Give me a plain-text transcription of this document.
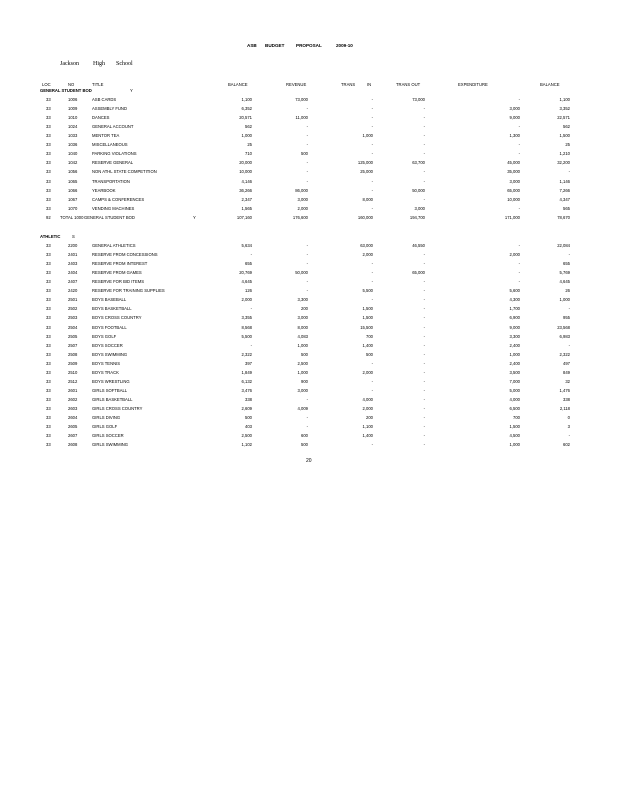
ASB BUDGET	PROPOSAL	2009-10
Jackson High School
LOC	NO	TITLE	BALANCE	REVENUE	TRANS	IN	TRANS OUT	EXPENDITURE	BALANCE
GENERAL STUDENT BOD	Y
33	1006	ASB CARDS	1,100	73,000	-	73,000	-	1,100
33	1009	ASSEMBLY FUND	6,352	-	-	-	3,000	3,352
33	1010	DANCES	20,571	11,000	-	-	9,000	22,571
33	1024	GENERAL ACCOUNT	562	-	-	-	-	562
33	1033	MENTOR TEA	1,000	-	1,000	-	1,300	1,500
33	1036	MISCELLANEOUS	25	-	-	-	-	25
33	1040	PARKING VIOLATIONS	710	500	-	-	-	1,210
33	1042	RESERVE GENERAL	20,000	-	125,000	63,700	45,000	32,200
33	1056	NON ATHL STATE COMPETITION	10,000	-	25,000	-	35,000	-
33	1065	TRANSPORTATION	4,146	-	-	-	3,000	1,146
33	1066	YEARBOOK	36,266	86,000	-	50,000	65,000	7,266
33	1067	CAMPS & CONFERENCES	2,347	3,000	8,000	-	10,000	4,347
33	1070	VENDING MACHINES	1,565	2,000	-	3,000	-	565
92 TOTAL 1000 GENERAL STUDENT BOD	Y	107,160	176,600	160,000	194,700	171,000	78,670
ATHLETIC	S
33	2200	GENERAL ATHLETICS	5,634	-	63,000	46,550	-	22,084
33	2401	RESERVE FROM CONCESSIONS	-	-	2,000	-	2,000	-
33	2403	RESERVE FROM INTEREST	655	-	-	-	-	655
33	2404	RESERVE FROM GAMES	20,769	50,000	-	65,000	-	5,769
33	2407	RESERVE FOR BID ITEMS	4,645	-	-	-	-	4,645
33	2420	RESERVE FOR TRAINING SUPPLIES	126	-	5,500	-	5,600	26
33	2501	BOYS BASEBALL	2,000	3,300	-	-	4,300	1,000
33	2502	BOYS BASKETBALL	-	200	1,500	-	1,700	-
33	2503	BOYS CROSS COUNTRY	3,355	3,000	1,500	-	6,900	955
33	2504	BOYS FOOTBALL	8,568	8,000	15,500	-	9,000	23,568
33	2505	BOYS GOLF	5,500	4,083	700	-	3,300	6,983
33	2507	BOYS SOCCER	-	1,000	1,400	-	2,400	-
33	2508	BOYS SWIMMING	2,322	500	500	-	1,000	2,322
33	2509	BOYS TENNIS	397	2,500	-	-	2,400	497
33	2510	BOYS TRACK	1,849	1,000	2,000	-	3,500	849
33	2512	BOYS WRESTLING	6,132	900	-	-	7,000	32
33	2601	GIRLS SOFTBALL	3,476	3,000	-	-	5,000	1,476
33	2602	GIRLS BASKETBALL	338	-	4,000	-	4,000	338
33	2603	GIRLS CROSS COUNTRY	2,609	4,009	2,000	-	6,500	2,118
33	2604	GIRLS DIVING	500	-	200	-	700	0
33	2605	GIRLS GOLF	403	-	1,100	-	1,500	3
33	2607	GIRLS SOCCER	2,500	600	1,400	-	4,500	-
33	2608	GIRLS SWIMMING	1,102	500	-	-	1,000	602
20
